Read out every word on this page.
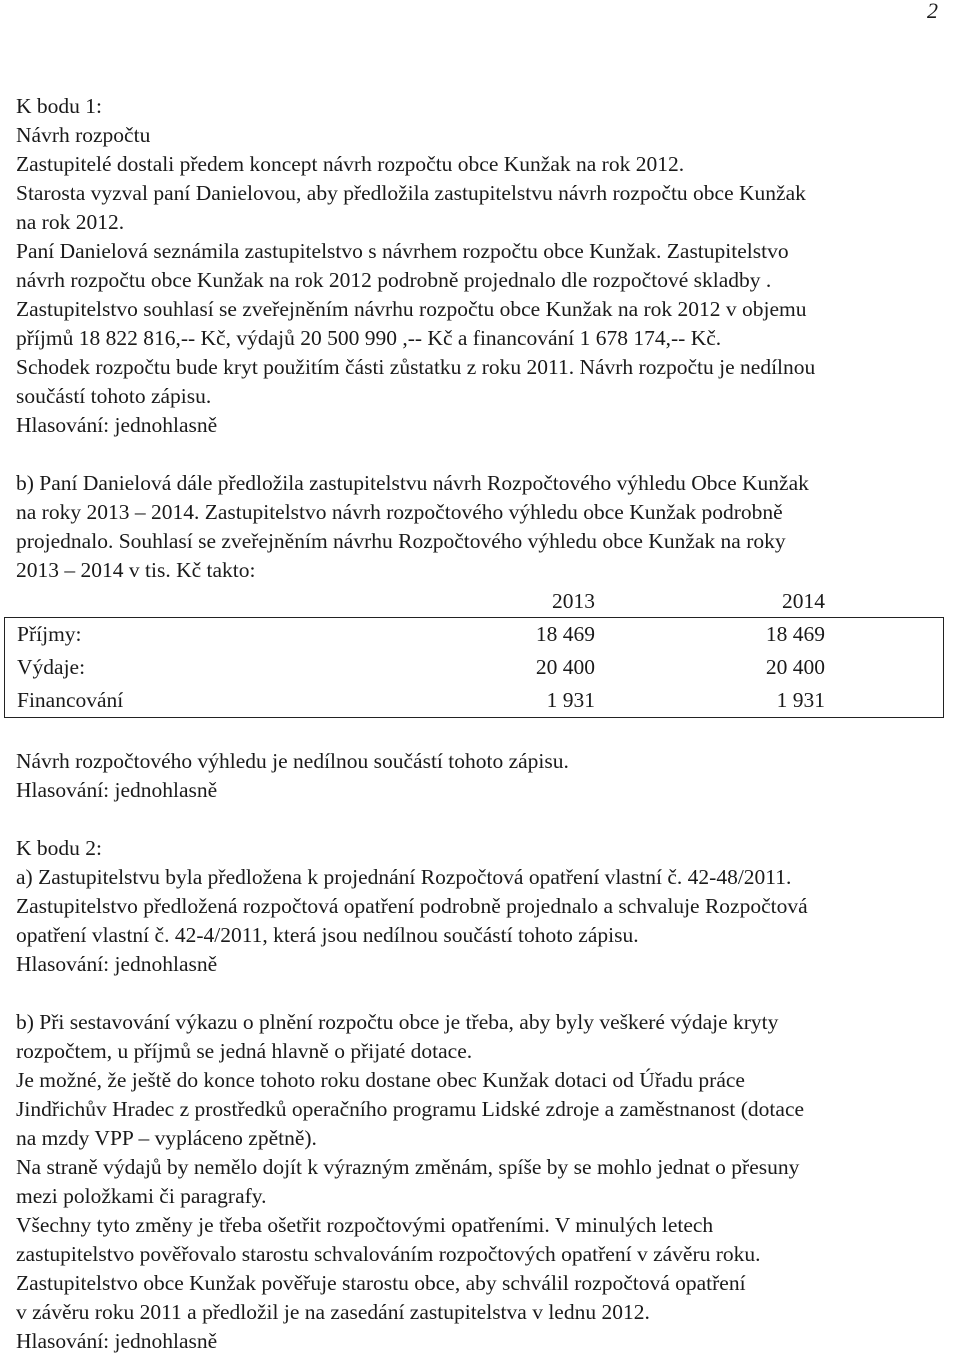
2

K bodu 1:

Návrh rozpočtu

Zastupitelé dostali předem koncept návrh rozpočtu obce Kunžak na rok 2012.

Starosta vyzval paní Danielovou, aby předložila zastupitelstvu návrh rozpočtu obce Kunžak

na rok 2012.

Paní Danielová seznámila zastupitelstvo s návrhem rozpočtu obce Kunžak. Zastupitelstvo

návrh rozpočtu obce Kunžak na rok 2012 podrobně projednalo dle rozpočtové skladby .

Zastupitelstvo souhlasí se zveřejněním návrhu rozpočtu obce Kunžak na rok 2012 v objemu

příjmů 18 822 816,-- Kč, výdajů 20 500 990 ,-- Kč a financování 1 678 174,-- Kč.

Schodek rozpočtu bude kryt použitím části zůstatku z roku 2011. Návrh rozpočtu je nedílnou

součástí tohoto zápisu.

Hlasování: jednohlasně

b) Paní Danielová dále předložila zastupitelstvu návrh Rozpočtového výhledu Obce Kunžak

na roky 2013 – 2014. Zastupitelstvo návrh rozpočtového výhledu obce Kunžak podrobně

projednalo. Souhlasí se zveřejněním návrhu Rozpočtového výhledu obce Kunžak na roky

2013 – 2014 v tis. Kč takto:

	2013		2014	
Příjmy:	18 469		18 469	
Výdaje:	20 400		20 400	
Financování	1 931		1 931	

Návrh rozpočtového výhledu je nedílnou součástí tohoto zápisu.

Hlasování: jednohlasně

K bodu 2:

a) Zastupitelstvu byla předložena k projednání Rozpočtová opatření vlastní č. 42-48/2011.

Zastupitelstvo předložená rozpočtová opatření podrobně projednalo a schvaluje Rozpočtová

opatření vlastní č. 42-4/2011, která jsou nedílnou součástí tohoto zápisu.

Hlasování: jednohlasně

b) Při sestavování výkazu o plnění rozpočtu obce je třeba, aby byly veškeré výdaje kryty

rozpočtem, u příjmů se jedná hlavně o přijaté dotace.

Je možné, že ještě do konce tohoto roku dostane obec Kunžak dotaci od Úřadu práce

Jindřichův Hradec z prostředků operačního programu Lidské zdroje a zaměstnanost (dotace

na mzdy VPP – vypláceno zpětně).

Na straně výdajů by nemělo dojít k výrazným změnám, spíše by se mohlo jednat o přesuny

mezi položkami či paragrafy.

Všechny tyto změny je třeba ošetřit rozpočtovými opatřeními. V minulých letech

zastupitelstvo pověřovalo starostu schvalováním rozpočtových opatření v závěru roku.

Zastupitelstvo obce Kunžak pověřuje starostu obce, aby schválil rozpočtová opatření

v závěru roku 2011 a předložil je na zasedání zastupitelstva v lednu 2012.

Hlasování: jednohlasně
